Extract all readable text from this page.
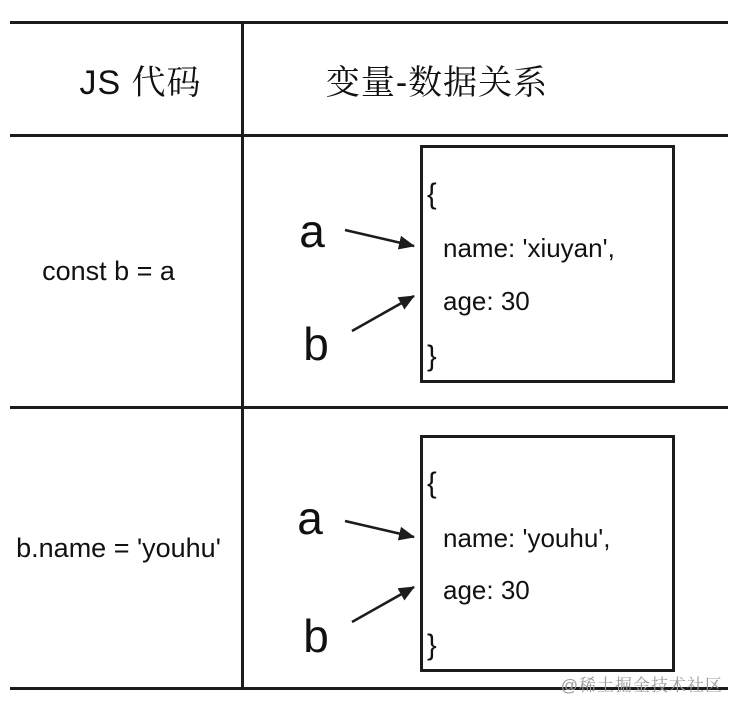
JS 代码	变量-数据关系
const b = a
a
b
{
name: 'xiuyan',
age: 30
}
b.name = 'youhu'
a
b
{
name: 'youhu',
age: 30
}
@稀土掘金技术社区
